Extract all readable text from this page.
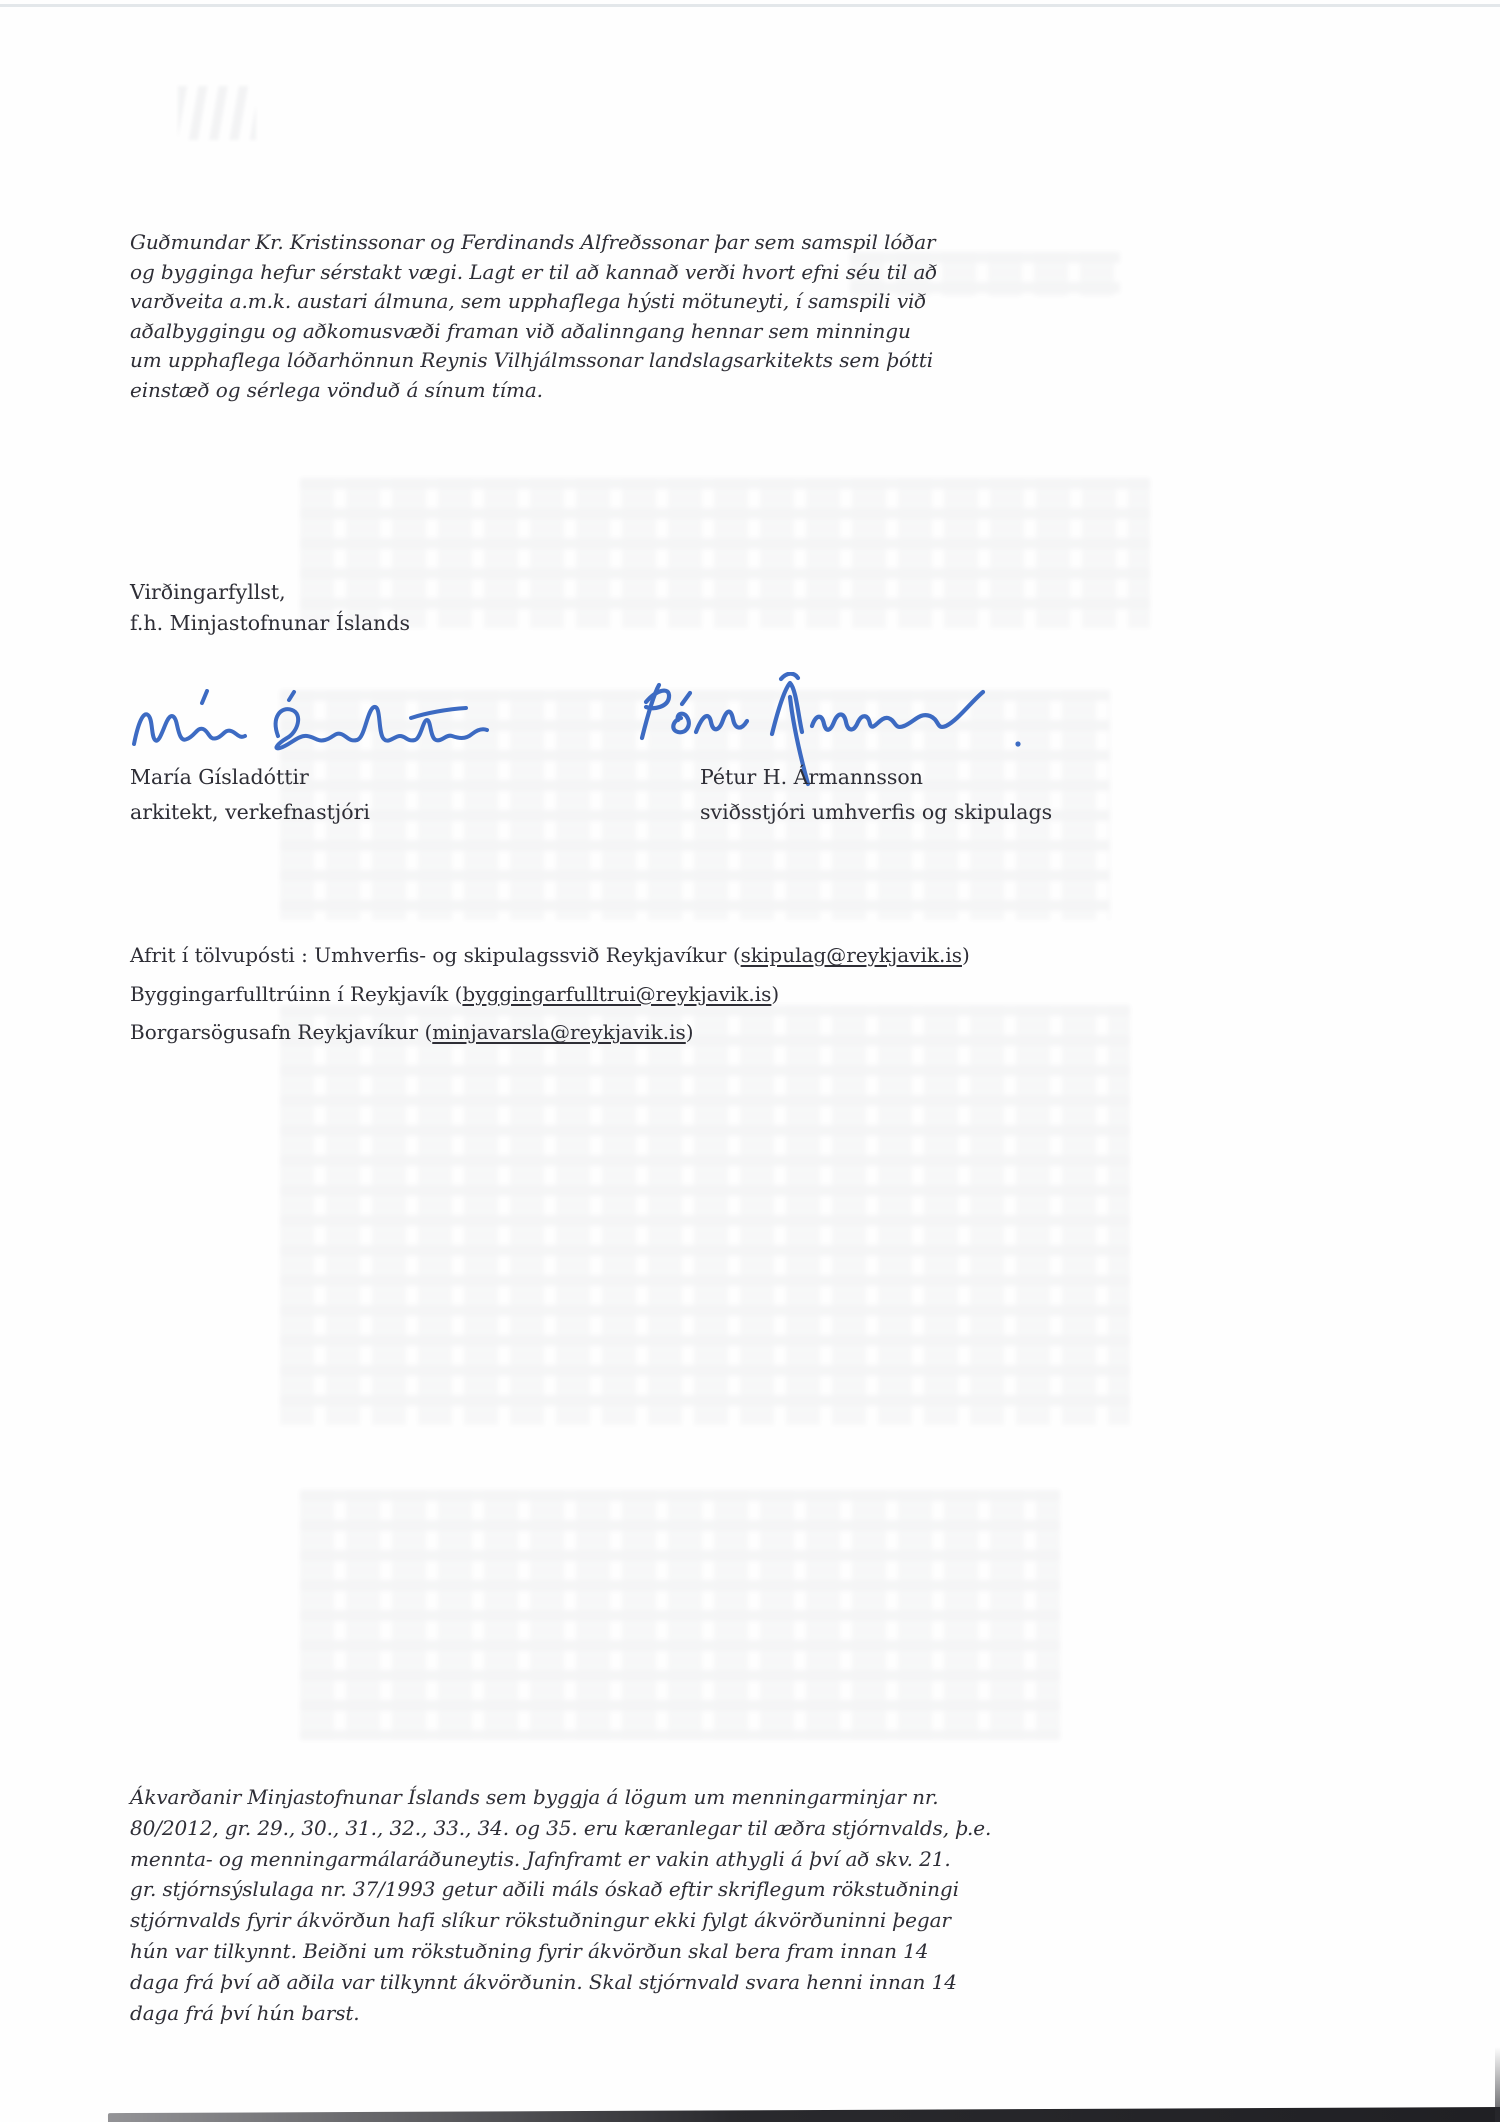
Guðmundar Kr. Kristinssonar og Ferdinands Alfreðssonar þar sem samspil lóðar
og bygginga hefur sérstakt vægi. Lagt er til að kannað verði hvort efni séu til að
varðveita a.m.k. austari álmuna, sem upphaflega hýsti mötuneyti, í samspili við
aðalbyggingu og aðkomusvæði framan við aðalinngang hennar sem minningu
um upphaflega lóðarhönnun Reynis Vilhjálmssonar landslagsarkitekts sem þótti
einstæð og sérlega vönduð á sínum tíma.
Virðingarfyllst,
f.h. Minjastofnunar Íslands
María Gísladóttir
arkitekt, verkefnastjóri
Pétur H. Ármannsson
sviðsstjóri umhverfis og skipulags
Afrit í tölvupósti : Umhverfis- og skipulagssvið Reykjavíkur (skipulag@reykjavik.is)
Byggingarfulltrúinn í Reykjavík (byggingarfulltrui@reykjavik.is)
Borgarsögusafn Reykjavíkur (minjavarsla@reykjavik.is)
Ákvarðanir Minjastofnunar Íslands sem byggja á lögum um menningarminjar nr.
80/2012, gr. 29., 30., 31., 32., 33., 34. og 35. eru kæranlegar til æðra stjórnvalds, þ.e.
mennta- og menningarmálaráðuneytis. Jafnframt er vakin athygli á því að skv. 21.
gr. stjórnsýslulaga nr. 37/1993 getur aðili máls óskað eftir skriflegum rökstuðningi
stjórnvalds fyrir ákvörðun hafi slíkur rökstuðningur ekki fylgt ákvörðuninni þegar
hún var tilkynnt. Beiðni um rökstuðning fyrir ákvörðun skal bera fram innan 14
daga frá því að aðila var tilkynnt ákvörðunin. Skal stjórnvald svara henni innan 14
daga frá því hún barst.
